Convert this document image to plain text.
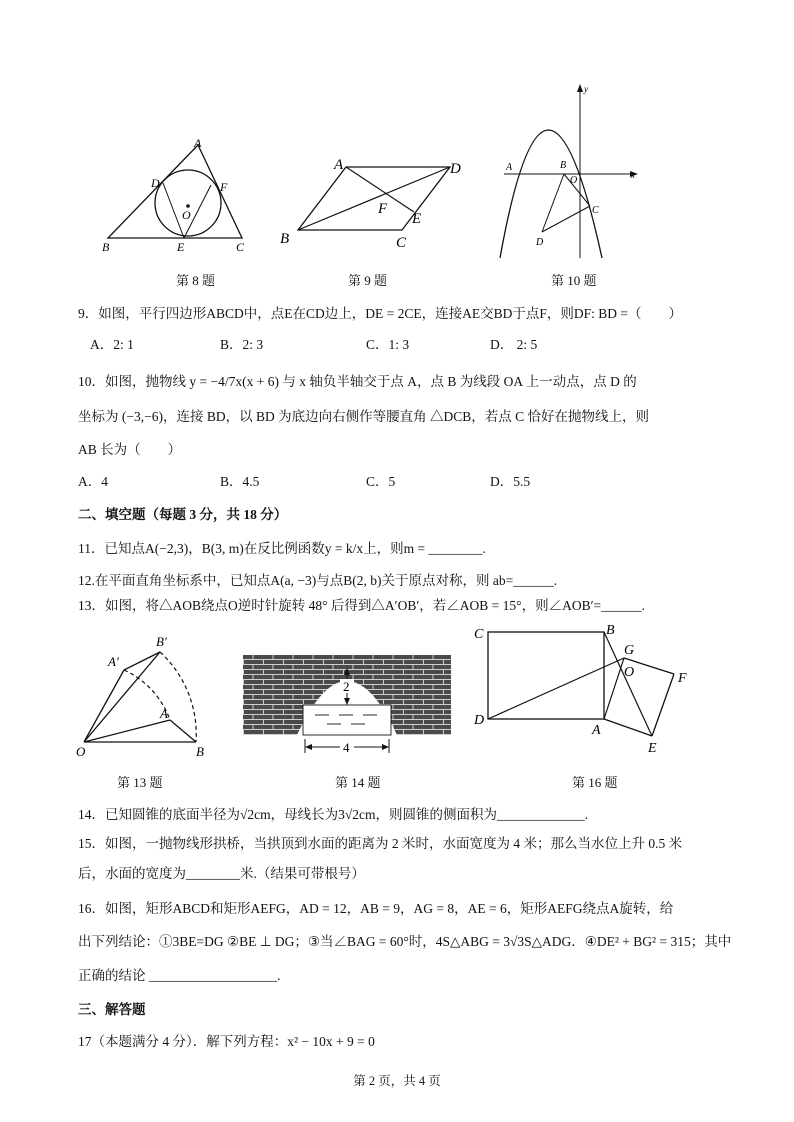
A
D	F
O
B	E	C
第 8 题
A	D
F
E
B	C
第 9 题
y
A	B
O	x
C
D
第 10 题
9．如图，平行四边形ABCD中，点E在CD边上，DE = 2CE，连接AE交BD于点F，则DF: BD =（　　）
A．2: 1	B．2: 3	C．1: 3	D． 2: 5
10．如图，抛物线 y = −4/7x(x + 6) 与 x 轴负半轴交于点 A，点 B 为线段 OA 上一动点，点 D 的
坐标为 (−3,−6)，连接 BD，以 BD 为底边向右侧作等腰直角 △DCB，若点 C 恰好在抛物线上，则
AB 长为（　　）
A．4	B．4.5	C．5	D．5.5
二、填空题（每题 3 分，共 18 分）
11．已知点A(−2,3)，B(3, m)在反比例函数y = k/x上，则m = ________.
12.在平面直角坐标系中，已知点A(a, −3)与点B(2, b)关于原点对称，则 ab=______.
13．如图，将△AOB绕点O逆时针旋转 48° 后得到△A′OB′，若∠AOB = 15°，则∠AOB′=______.
B′
A′
A
O	B
第 13 题
2
4
第 14 题
C	B
G
O	F
D
A
E
第 16 题
14．已知圆锥的底面半径为√2cm，母线长为3√2cm，则圆锥的侧面积为_____________.
15．如图，一抛物线形拱桥，当拱顶到水面的距离为 2 米时，水面宽度为 4 米；那么当水位上升 0.5 米
后，水面的宽度为________米.（结果可带根号）
16．如图，矩形ABCD和矩形AEFG，AD = 12，AB = 9，AG = 8，AE = 6，矩形AEFG绕点A旋转，给
出下列结论：①3BE=DG ②BE ⊥ DG；③当∠BAG = 60°时，4S△ABG = 3√3S△ADG．④DE² + BG² = 315；其中
正确的结论 ___________________.
三、解答题
17（本题满分 4 分）．解下列方程：x² − 10x + 9 = 0
第 2 页，共 4 页
